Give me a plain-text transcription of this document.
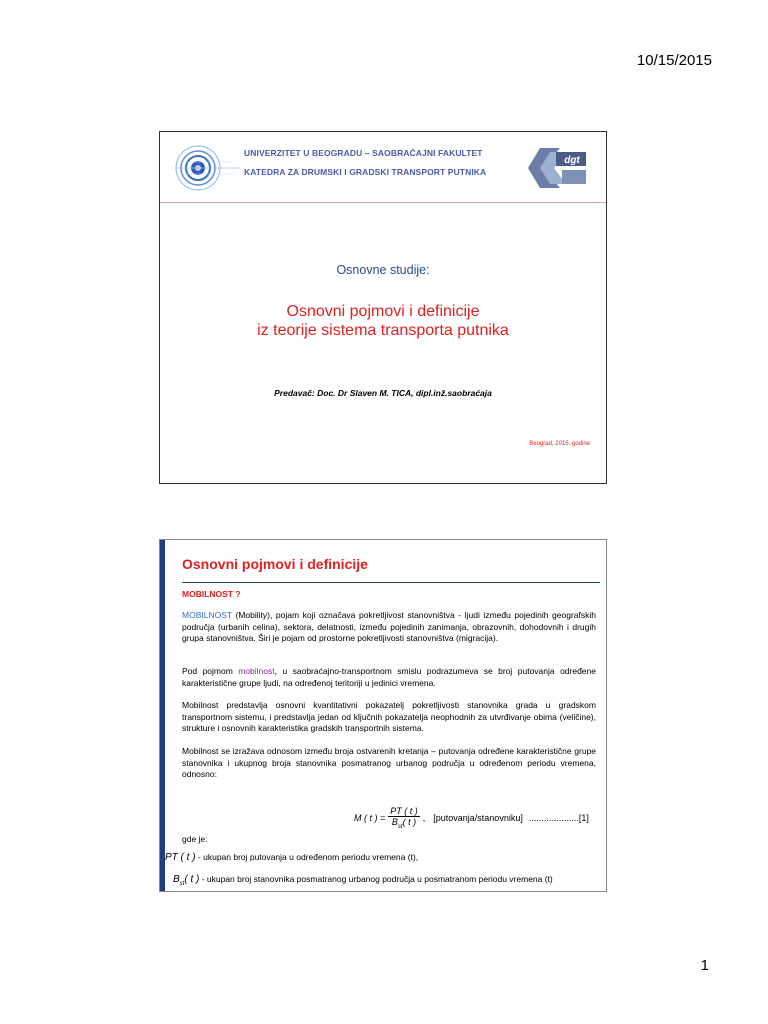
10/15/2015
UNIVERZITET U BEOGRADU – SAOBRAĆAJNI FAKULTET
KATEDRA ZA DRUMSKI I GRADSKI TRANSPORT PUTNIKA
dgt
Osnovne studije:
Osnovni pojmovi i definicije
iz teorije sistema transporta putnika
Predavač: Doc. Dr Slaven M. TICA, dipl.inž.saobraćaja
Beograd, 2015. godine
Osnovni pojmovi i definicije
MOBILNOST ?
MOBILNOST (Mobility), pojam koji označava pokretljivost stanovništva - ljudi između pojedinih geografskih područja (urbanih celina), sektora, delatnosti, između pojedinih zanimanja, obrazovnih, dohodovnih i drugih grupa stanovništva. Širi je pojam od prostorne pokretljivosti stanovništva (migracija).
Pod pojmom mobilnost, u saobraćajno-transportnom smislu podrazumeva se broj putovanja određene karakteristične grupe ljudi, na određenoj teritoriji u jedinici vremena.
Mobilnost predstavlja osnovni kvantitativni pokazatelj pokretljivosti stanovnika grada u gradskom transportnom sistemu, i predstavlja jedan od ključnih pokazatelja neophodnih za utvrđivanje obima (veličine), strukture i osnovnih karakteristika gradskih transportnih sistema.
Mobilnost se izražava odnosom između broja ostvarenih kretanja – putovanja određene karakteristične grupe stanovnika i ukupnog broja stanovnika posmatranog urbanog područja u određenom periodu vremena, odnosno:
M ( t ) = $\frac{PT ( t )}{B_{st}( t )}$ , [putovanja/stanovniku] .................... [1]
gde je:
PT ( t ) - ukupan broj putovanja u određenom periodu vremena (t),
$B_{st}$( t ) - ukupan broj stanovnika posmatranog urbanog područja u posmatranom periodu vremena (t)
1
